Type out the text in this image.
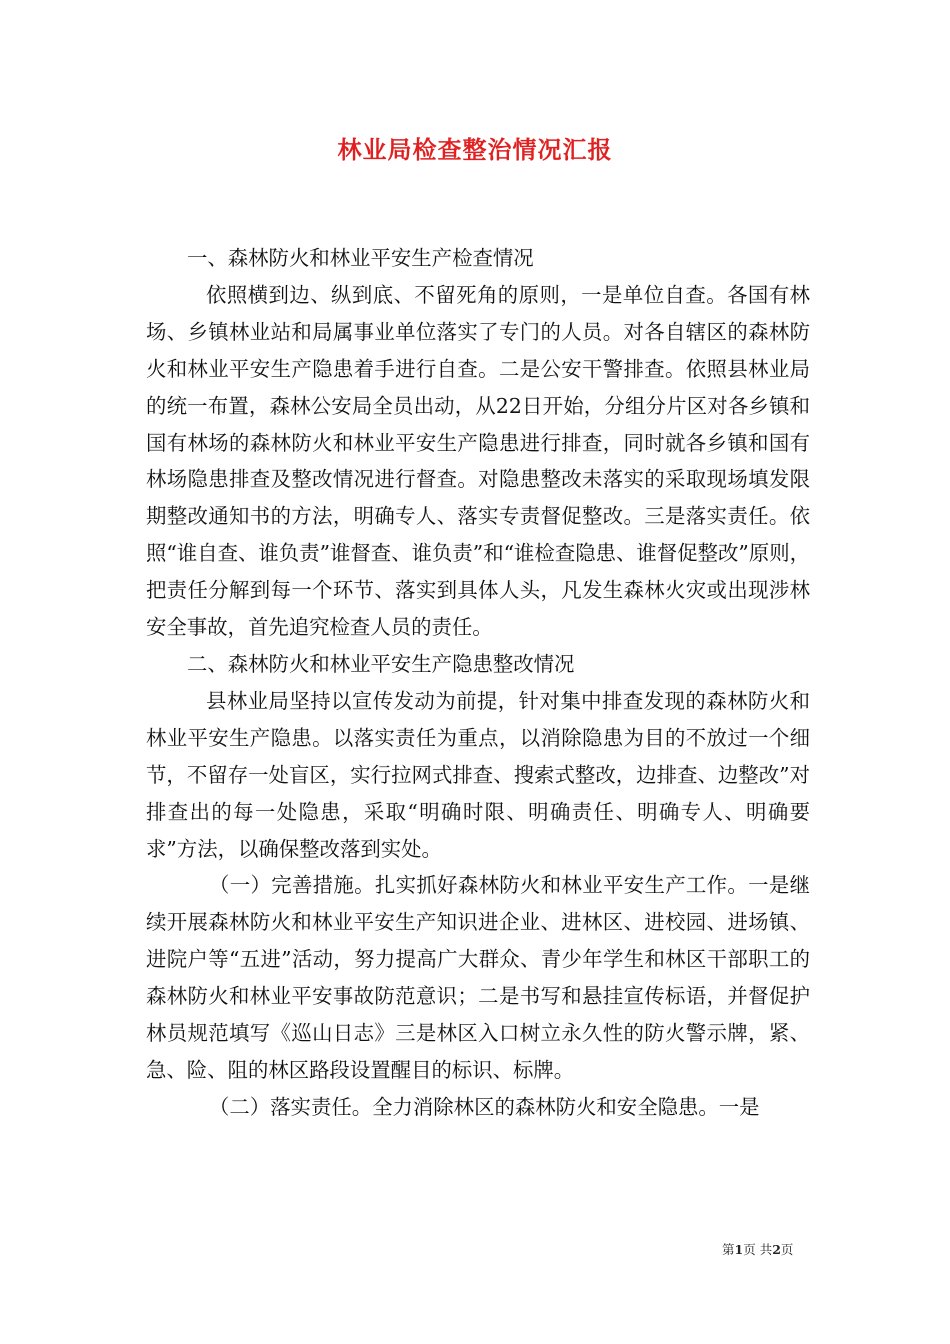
林业局检查整治情况汇报

一、森林防火和林业平安生产检查情况

依照横到边、纵到底、不留死角的原则，一是单位自查。各国有林场、乡镇林业站和局属事业单位落实了专门的人员。对各自辖区的森林防火和林业平安生产隐患着手进行自查。二是公安干警排查。依照县林业局的统一布置，森林公安局全员出动，从22日开始，分组分片区对各乡镇和国有林场的森林防火和林业平安生产隐患进行排查，同时就各乡镇和国有林场隐患排查及整改情况进行督查。对隐患整改未落实的采取现场填发限期整改通知书的方法，明确专人、落实专责督促整改。三是落实责任。依照“谁自查、谁负责”谁督查、谁负责”和“谁检查隐患、谁督促整改”原则，把责任分解到每一个环节、落实到具体人头，凡发生森林火灾或出现涉林安全事故，首先追究检查人员的责任。

二、森林防火和林业平安生产隐患整改情况

县林业局坚持以宣传发动为前提，针对集中排查发现的森林防火和林业平安生产隐患。以落实责任为重点，以消除隐患为目的不放过一个细节，不留存一处盲区，实行拉网式排查、搜索式整改，边排查、边整改”对排查出的每一处隐患，采取“明确时限、明确责任、明确专人、明确要求”方法，以确保整改落到实处。

（一）完善措施。扎实抓好森林防火和林业平安生产工作。一是继续开展森林防火和林业平安生产知识进企业、进林区、进校园、进场镇、进院户等“五进”活动，努力提高广大群众、青少年学生和林区干部职工的森林防火和林业平安事故防范意识；二是书写和悬挂宣传标语，并督促护林员规范填写《巡山日志》三是林区入口树立永久性的防火警示牌，紧、急、险、阻的林区路段设置醒目的标识、标牌。

（二）落实责任。全力消除林区的森林防火和安全隐患。一是

第1页 共2页
